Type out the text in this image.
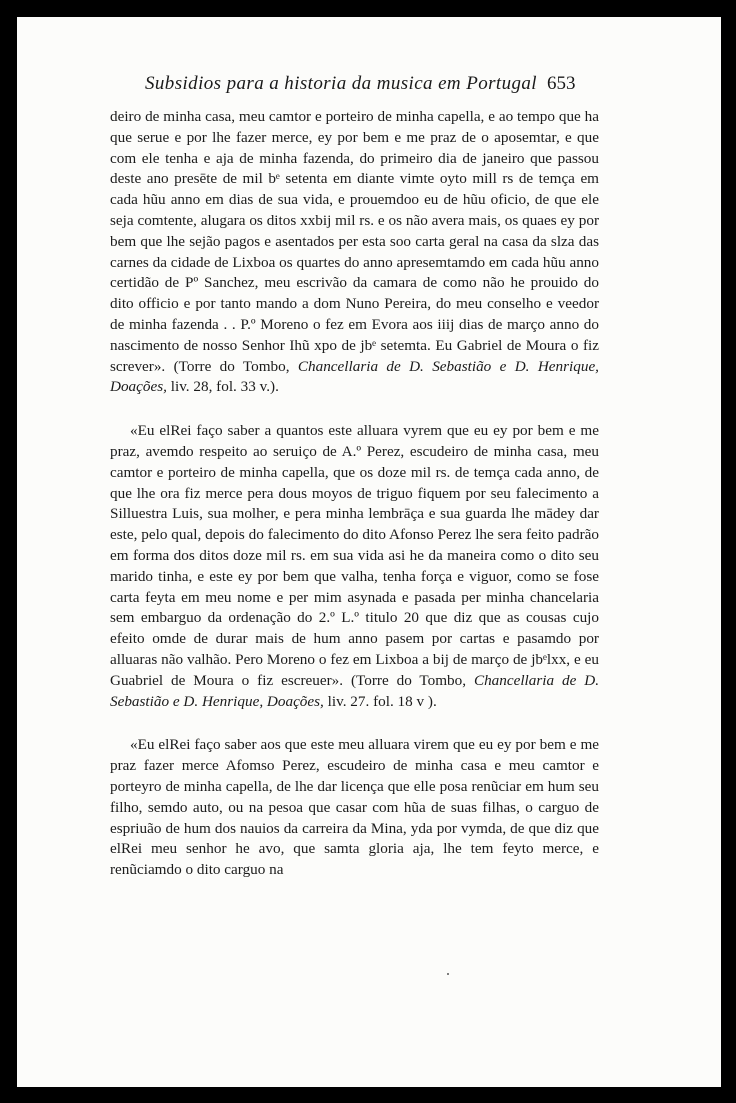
Subsidios para a historia da musica em Portugal 653

deiro de minha casa, meu camtor e porteiro de minha capella, e ao tempo que ha que serue e por lhe fazer merce, ey por bem e me praz de o aposemtar, e que com ele tenha e aja de minha fazenda, do primeiro dia de janeiro que passou deste ano presēte de mil bᵉ setenta em diante vimte oyto mill rs de temça em cada hũu anno em dias de sua vida, e prouemdoo eu de hũu oficio, de que ele seja comtente, alugara os ditos xxbij mil rs. e os não avera mais, os quaes ey por bem que lhe sejão pagos e asentados per esta soo carta geral na casa da slza das carnes da cidade de Lixboa os quartes do anno apresemtamdo em cada hũu anno certidão de Pº Sanchez, meu escrivão da camara de como não he prouido do dito officio e por tanto mando a dom Nuno Pereira, do meu conselho e veedor de minha fazenda . . P.º Moreno o fez em Evora aos iiij dias de março anno do nascimento de nosso Senhor Ihũ xpo de jbᵉ setemta. Eu Gabriel de Moura o fiz screver». (Torre do Tombo, Chancellaria de D. Sebastião e D. Henrique, Doações, liv. 28, fol. 33 v.).

«Eu elRei faço saber a quantos este alluara vyrem que eu ey por bem e me praz, avemdo respeito ao seruiço de A.º Perez, escudeiro de minha casa, meu camtor e porteiro de minha capella, que os doze mil rs. de temça cada anno, de que lhe ora fiz merce pera dous moyos de triguo fiquem por seu falecimento a Silluestra Luis, sua molher, e pera minha lembrāça e sua guarda lhe mādey dar este, pelo qual, depois do falecimento do dito Afonso Perez lhe sera feito padrão em forma dos ditos doze mil rs. em sua vida asi he da maneira como o dito seu marido tinha, e este ey por bem que valha, tenha força e viguor, como se fose carta feyta em meu nome e per mim asynada e pasada per minha chancelaria sem embarguo da ordenação do 2.º L.º titulo 20 que diz que as cousas cujo efeito omde de durar mais de hum anno pasem por cartas e pasamdo por alluaras não valhão. Pero Moreno o fez em Lixboa a bij de março de jbᵉlxx, e eu Guabriel de Moura o fiz escreuer». (Torre do Tombo, Chancellaria de D. Sebastião e D. Henrique, Doações, liv. 27. fol. 18 v ).

«Eu elRei faço saber aos que este meu alluara virem que eu ey por bem e me praz fazer merce Afomso Perez, escudeiro de minha casa e meu camtor e porteyro de minha capella, de lhe dar licença que elle posa renũciar em hum seu filho, semdo auto, ou na pesoa que casar com hũa de suas filhas, o carguo de espriuão de hum dos nauios da carreira da Mina, yda por vymda, de que diz que elRei meu senhor he avo, que samta gloria aja, lhe tem feyto merce, e renũciamdo o dito carguo na
